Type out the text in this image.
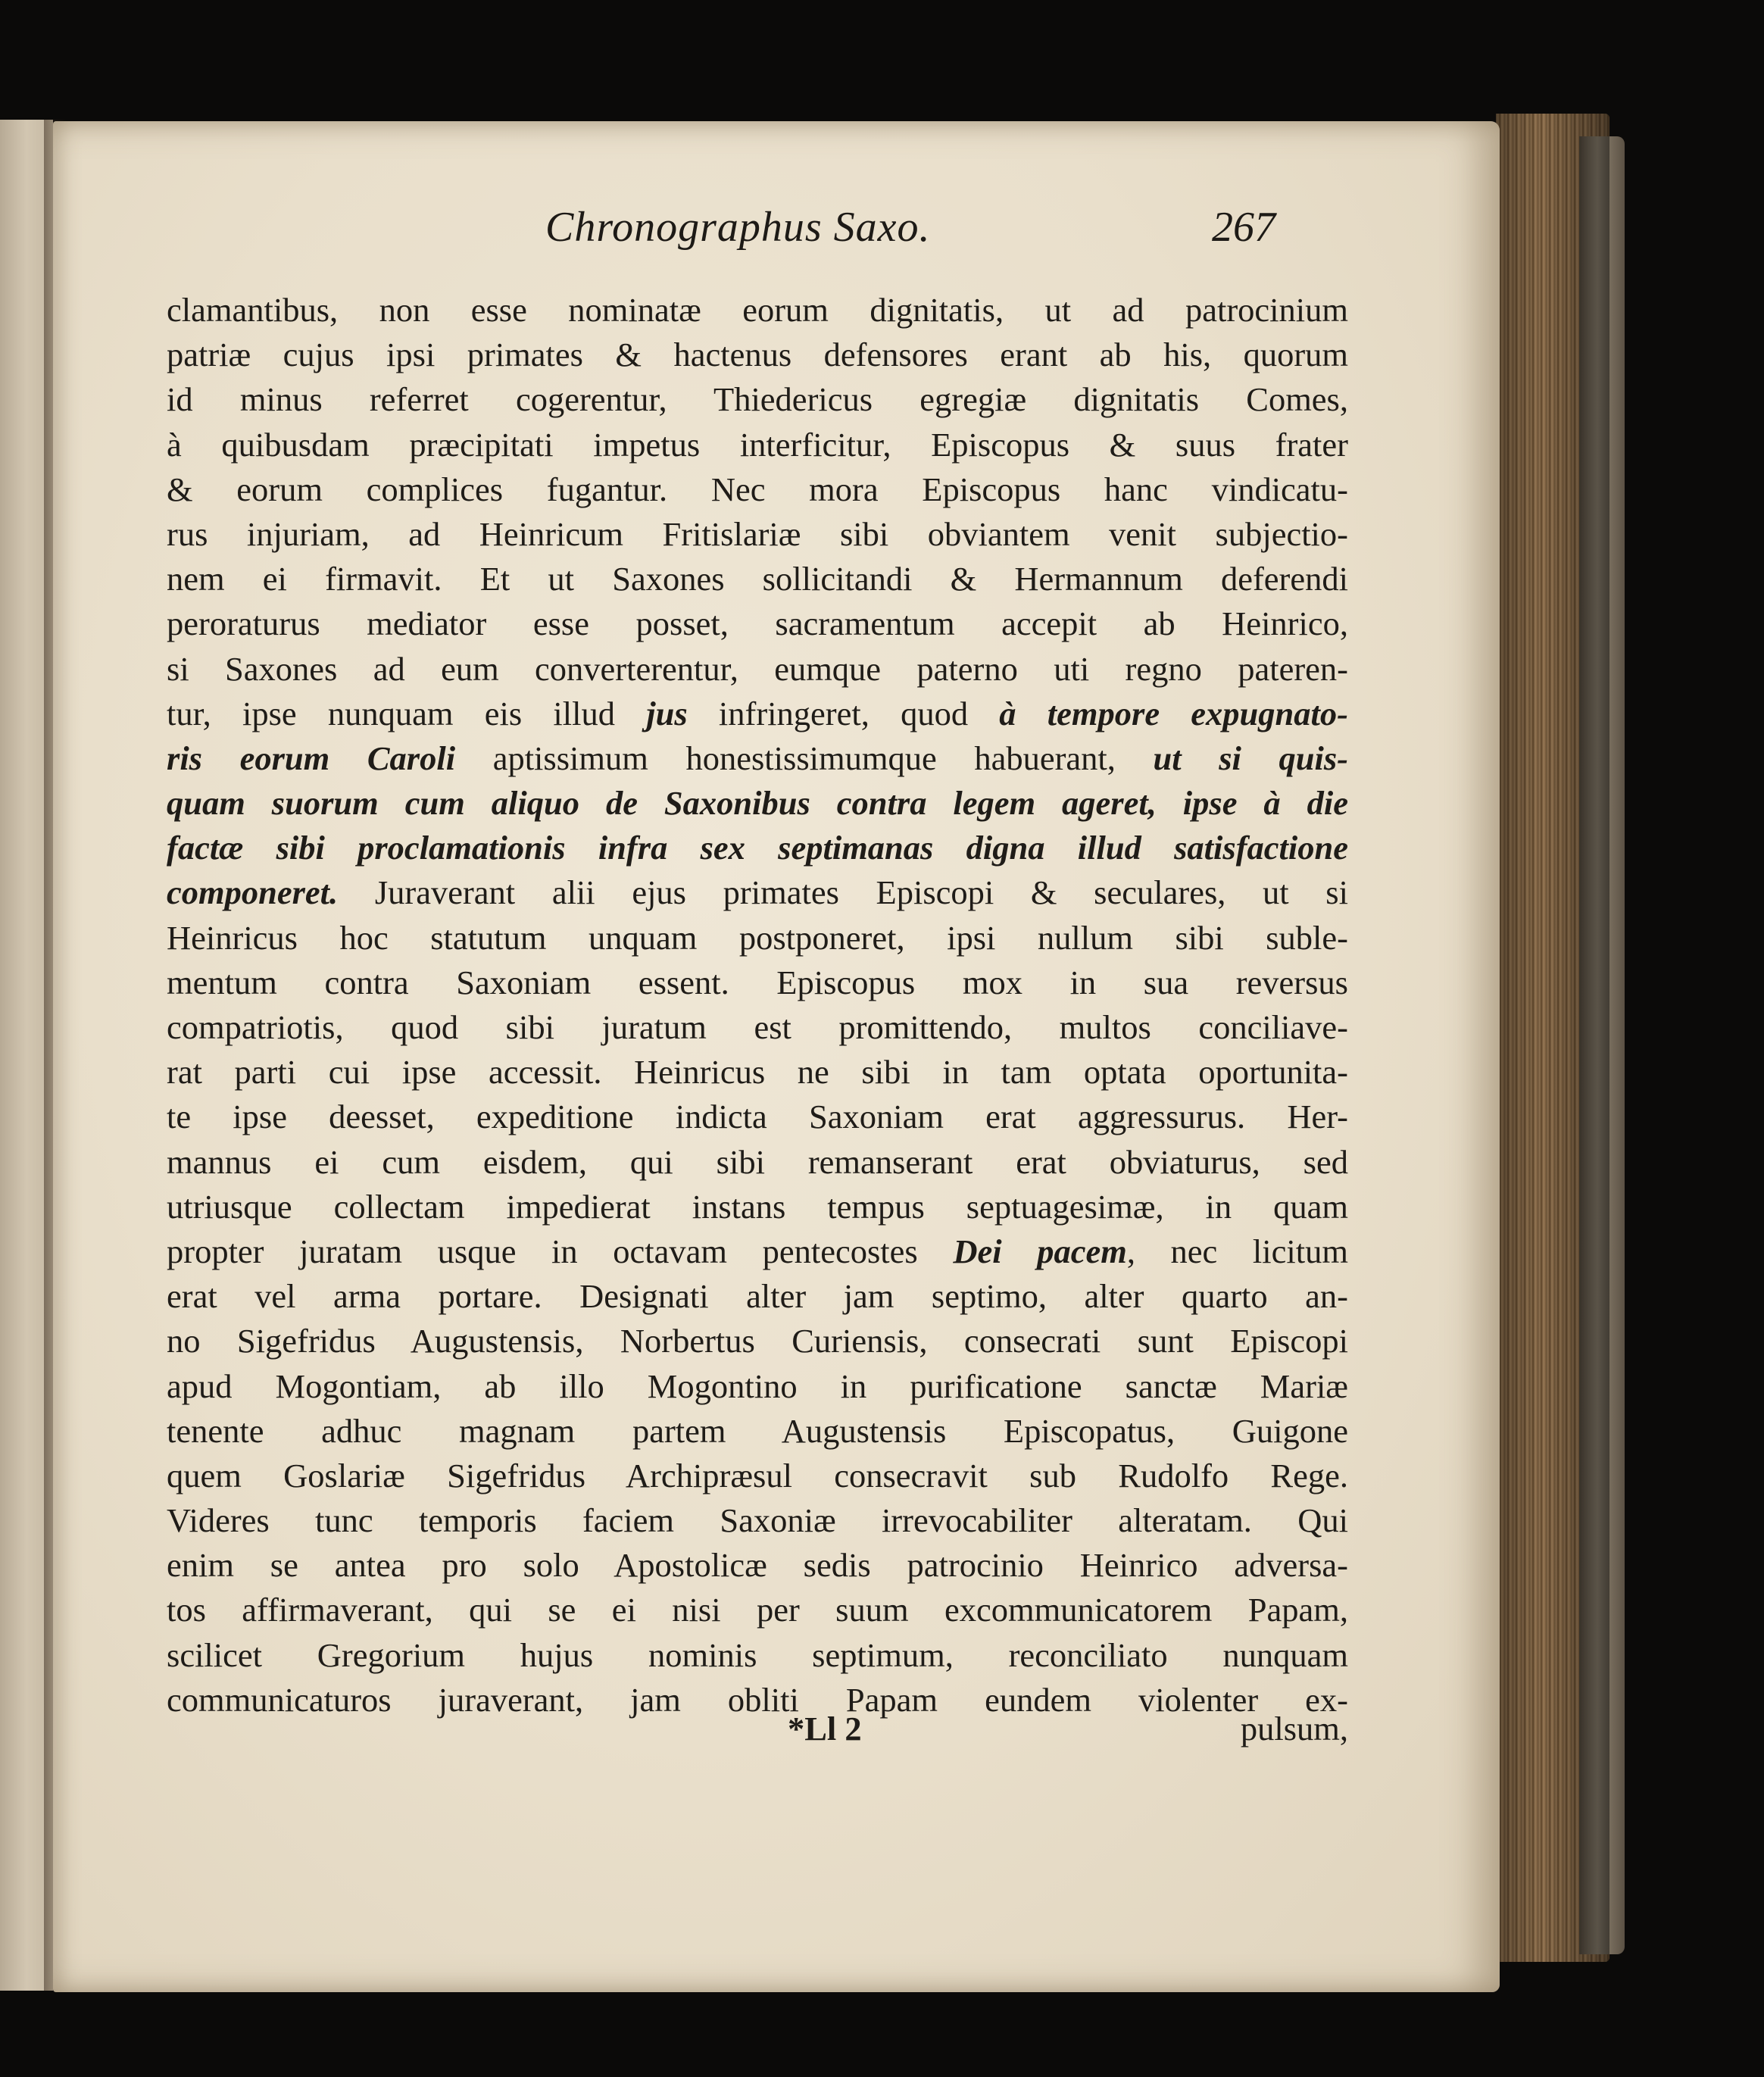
Chronographus Saxo.	267
clamantibus, non esse nominatæ eorum dignitatis, ut ad patrocinium
patriæ cujus ipsi primates & hactenus defensores erant ab his, quorum
id minus referret cogerentur, Thiedericus egregiæ dignitatis Comes,
à quibusdam præcipitati impetus interficitur, Episcopus & suus frater
& eorum complices fugantur. Nec mora Episcopus hanc vindicatu-
rus injuriam, ad Heinricum Fritislariæ sibi obviantem venit subjectio-
nem ei firmavit. Et ut Saxones sollicitandi & Hermannum deferendi
peroraturus mediator esse posset, sacramentum accepit ab Heinrico,
si Saxones ad eum converterentur, eumque paterno uti regno pateren-
tur, ipse nunquam eis illud jus infringeret, quod à tempore expugnato-
ris eorum Caroli aptissimum honestissimumque habuerant, ut si quis-
quam suorum cum aliquo de Saxonibus contra legem ageret, ipse à die
factæ sibi proclamationis infra sex septimanas digna illud satisfactione
componeret. Juraverant alii ejus primates Episcopi & seculares, ut si
Heinricus hoc statutum unquam postponeret, ipsi nullum sibi suble-
mentum contra Saxoniam essent. Episcopus mox in sua reversus
compatriotis, quod sibi juratum est promittendo, multos conciliave-
rat parti cui ipse accessit. Heinricus ne sibi in tam optata oportunita-
te ipse deesset, expeditione indicta Saxoniam erat aggressurus. Her-
mannus ei cum eisdem, qui sibi remanserant erat obviaturus, sed
utriusque collectam impedierat instans tempus septuagesimæ, in quam
propter juratam usque in octavam pentecostes Dei pacem, nec licitum
erat vel arma portare. Designati alter jam septimo, alter quarto an-
no Sigefridus Augustensis, Norbertus Curiensis, consecrati sunt Episcopi
apud Mogontiam, ab illo Mogontino in purificatione sanctæ Mariæ
tenente adhuc magnam partem Augustensis Episcopatus, Guigone
quem Goslariæ Sigefridus Archipræsul consecravit sub Rudolfo Rege.
Videres tunc temporis faciem Saxoniæ irrevocabiliter alteratam. Qui
enim se antea pro solo Apostolicæ sedis patrocinio Heinrico adversa-
tos affirmaverant, qui se ei nisi per suum excommunicatorem Papam,
scilicet Gregorium hujus nominis septimum, reconciliato nunquam
communicaturos juraverant, jam obliti Papam eundem violenter ex-
*Ll 2	pulsum,
